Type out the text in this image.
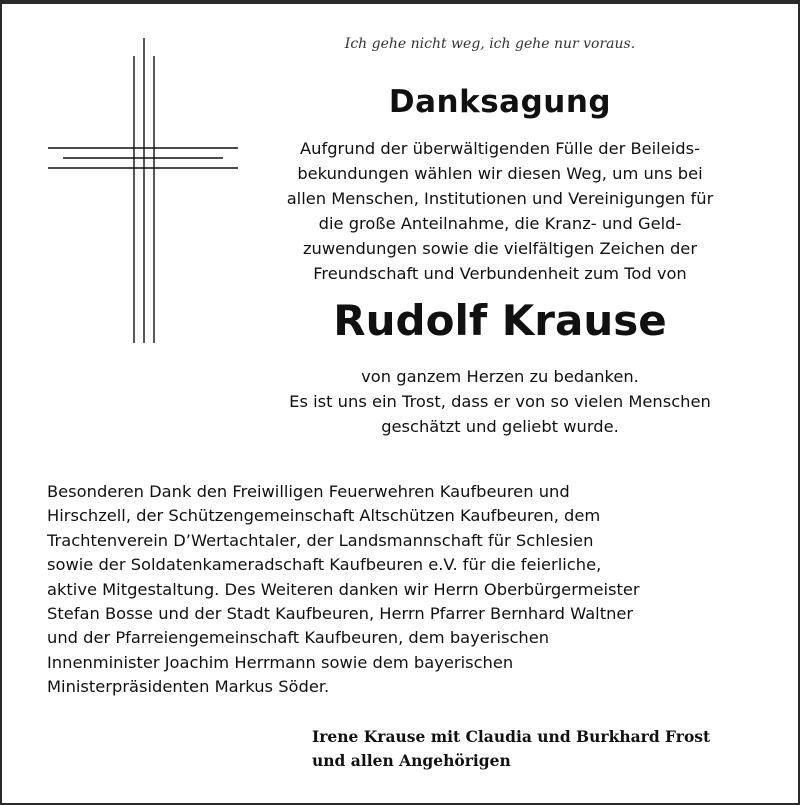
Ich gehe nicht weg, ich gehe nur voraus.
Danksagung
Aufgrund der überwältigenden Fülle der Beileids-
bekundungen wählen wir diesen Weg, um uns bei
allen Menschen, Institutionen und Vereinigungen für
die große Anteilnahme, die Kranz- und Geld-
zuwendungen sowie die vielfältigen Zeichen der
Freundschaft und Verbundenheit zum Tod von
Rudolf Krause
von ganzem Herzen zu bedanken.
Es ist uns ein Trost, dass er von so vielen Menschen
geschätzt und geliebt wurde.
Besonderen Dank den Freiwilligen Feuerwehren Kaufbeuren und
Hirschzell, der Schützengemeinschaft Altschützen Kaufbeuren, dem
Trachtenverein D’Wertachtaler, der Landsmannschaft für Schlesien
sowie der Soldatenkameradschaft Kaufbeuren e.V. für die feierliche,
aktive Mitgestaltung. Des Weiteren danken wir Herrn Oberbürgermeister
Stefan Bosse und der Stadt Kaufbeuren, Herrn Pfarrer Bernhard Waltner
und der Pfarreiengemeinschaft Kaufbeuren, dem bayerischen
Innenminister Joachim Herrmann sowie dem bayerischen
Ministerpräsidenten Markus Söder.
Irene Krause mit Claudia und Burkhard Frost
und allen Angehörigen
